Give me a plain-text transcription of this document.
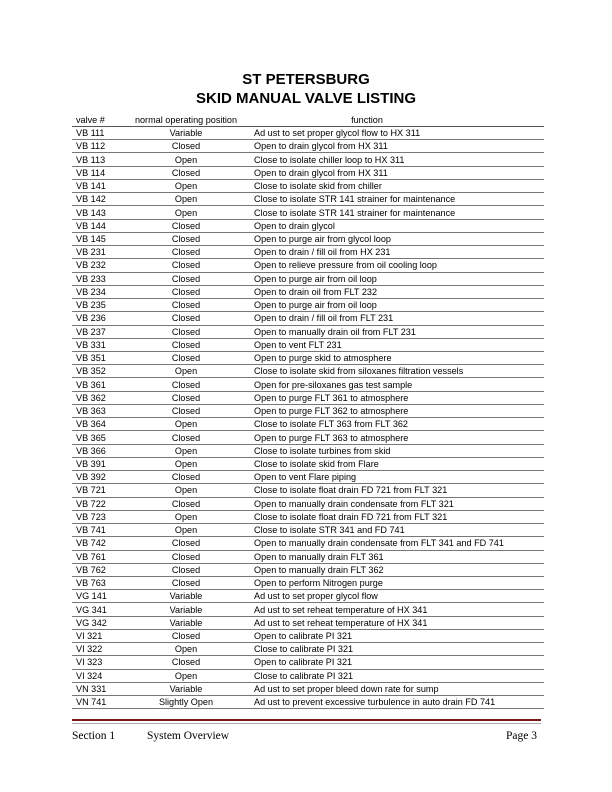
ST PETERSBURG
SKID MANUAL VALVE LISTING
valve #	normal operating position	function
VB 111	Variable	Ad ust to set proper glycol flow to HX 311
VB 112	Closed	Open to drain glycol from HX 311
VB 113	Open	Close to isolate chiller loop to HX 311
VB 114	Closed	Open to drain glycol from HX 311
VB 141	Open	Close to isolate skid from chiller
VB 142	Open	Close to isolate STR 141 strainer for maintenance
VB 143	Open	Close to isolate STR 141 strainer for maintenance
VB 144	Closed	Open to drain glycol
VB 145	Closed	Open to purge air from glycol loop
VB 231	Closed	Open to drain / fill oil from HX 231
VB 232	Closed	Open to relieve pressure from oil cooling loop
VB 233	Closed	Open to purge air from oil loop
VB 234	Closed	Open to drain oil from FLT 232
VB 235	Closed	Open to purge air from oil loop
VB 236	Closed	Open to drain / fill oil from FLT 231
VB 237	Closed	Open to manually drain oil from FLT 231
VB 331	Closed	Open to vent FLT 231
VB 351	Closed	Open to purge skid to atmosphere
VB 352	Open	Close to isolate skid from siloxanes filtration vessels
VB 361	Closed	Open for pre-siloxanes gas test sample
VB 362	Closed	Open to purge FLT 361 to atmosphere
VB 363	Closed	Open to purge FLT 362 to atmosphere
VB 364	Open	Close to isolate FLT 363 from FLT 362
VB 365	Closed	Open to purge FLT 363 to atmosphere
VB 366	Open	Close to isolate turbines from skid
VB 391	Open	Close to isolate skid from Flare
VB 392	Closed	Open to vent Flare piping
VB 721	Open	Close to isolate float drain FD 721 from FLT 321
VB 722	Closed	Open to manually drain condensate from FLT 321
VB 723	Open	Close to isolate float drain FD 721 from FLT 321
VB 741	Open	Close to isolate STR 341 and FD 741
VB 742	Closed	Open to manually drain condensate from FLT 341 and FD 741
VB 761	Closed	Open to manually drain FLT 361
VB 762	Closed	Open to manually drain FLT 362
VB 763	Closed	Open to perform Nitrogen purge
VG 141	Variable	Ad ust to set proper glycol flow
VG 341	Variable	Ad ust to set reheat temperature of HX 341
VG 342	Variable	Ad ust to set reheat temperature of HX 341
VI 321	Closed	Open to calibrate PI 321
VI 322	Open	Close to calibrate PI 321
VI 323	Closed	Open to calibrate PI 321
VI 324	Open	Close to calibrate PI 321
VN 331	Variable	Ad ust to set proper bleed down rate for sump
VN 741	Slightly Open	Ad ust to prevent excessive turbulence in auto drain FD 741
Section 1	System Overview	Page 3
